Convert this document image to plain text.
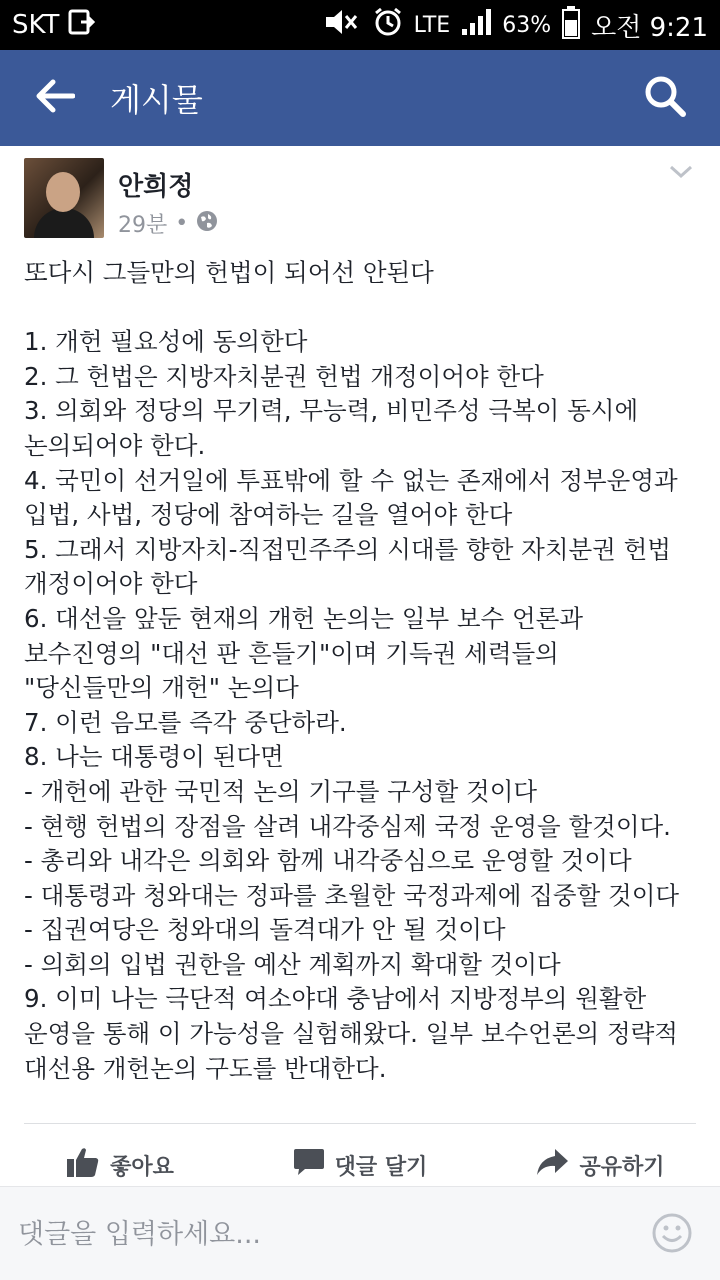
SKT	LTE 63% 오전 9:21
게시물
안희정
29분 •
또다시 그들만의 헌법이 되어선 안된다
1. 개헌 필요성에 동의한다
2. 그 헌법은 지방자치분권 헌법 개정이어야 한다
3. 의회와 정당의 무기력, 무능력, 비민주성 극복이 동시에
논의되어야 한다.
4. 국민이 선거일에 투표밖에 할 수 없는 존재에서 정부운영과
입법, 사법, 정당에 참여하는 길을 열어야 한다
5. 그래서 지방자치-직접민주주의 시대를 향한 자치분권 헌법
개정이어야 한다
6. 대선을 앞둔 현재의 개헌 논의는 일부 보수 언론과
보수진영의 "대선 판 흔들기"이며 기득권 세력들의
"당신들만의 개헌" 논의다
7. 이런 음모를 즉각 중단하라.
8. 나는 대통령이 된다면
- 개헌에 관한 국민적 논의 기구를 구성할 것이다
- 현행 헌법의 장점을 살려 내각중심제 국정 운영을 할것이다.
- 총리와 내각은 의회와 함께 내각중심으로 운영할 것이다
- 대통령과 청와대는 정파를 초월한 국정과제에 집중할 것이다
- 집권여당은 청와대의 돌격대가 안 될 것이다
- 의회의 입법 권한을 예산 계획까지 확대할 것이다
9. 이미 나는 극단적 여소야대 충남에서 지방정부의 원활한
운영을 통해 이 가능성을 실험해왔다. 일부 보수언론의 정략적
대선용 개헌논의 구도를 반대한다.
좋아요	댓글 달기	공유하기
댓글을 입력하세요...
